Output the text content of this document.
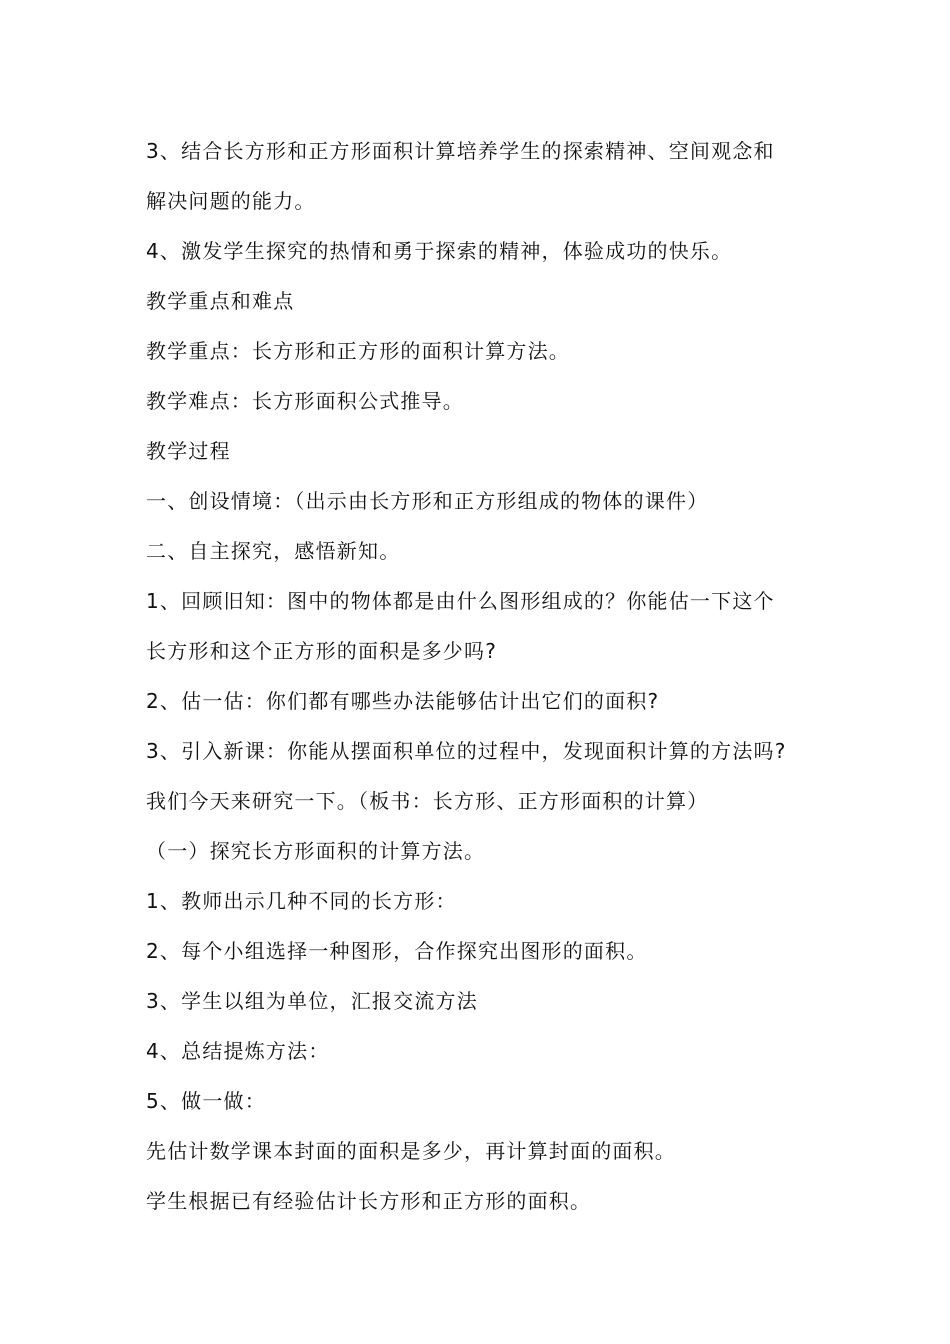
3、结合长方形和正方形面积计算培养学生的探索精神、空间观念和
解决问题的能力。
4、激发学生探究的热情和勇于探索的精神，体验成功的快乐。
教学重点和难点
教学重点：长方形和正方形的面积计算方法。
教学难点：长方形面积公式推导。
教学过程
一、创设情境：（出示由长方形和正方形组成的物体的课件）
二、自主探究，感悟新知。
1、回顾旧知：图中的物体都是由什么图形组成的？你能估一下这个
长方形和这个正方形的面积是多少吗?
2、估一估：你们都有哪些办法能够估计出它们的面积?
3、引入新课：你能从摆面积单位的过程中，发现面积计算的方法吗?
我们今天来研究一下。（板书：长方形、正方形面积的计算）
（一）探究长方形面积的计算方法。
1、教师出示几种不同的长方形：
2、每个小组选择一种图形，合作探究出图形的面积。
3、学生以组为单位，汇报交流方法
4、总结提炼方法：
5、做一做：
先估计数学课本封面的面积是多少，再计算封面的面积。
学生根据已有经验估计长方形和正方形的面积。
